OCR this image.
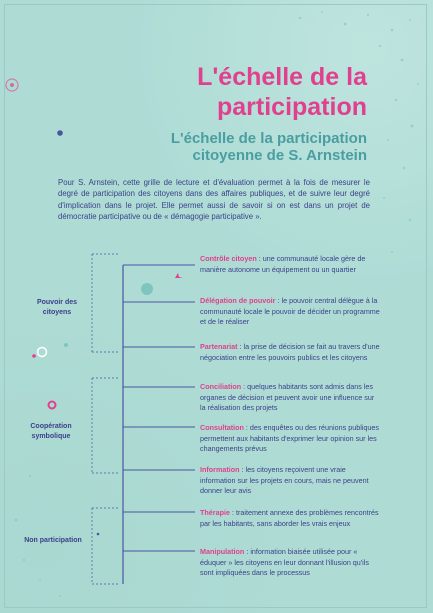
L'échelle de la participation
L'échelle de la participation citoyenne de S. Arnstein
Pour S. Arnstein, cette grille de lecture et d'évaluation permet à la fois de mesurer le degré de participation des citoyens dans des affaires publiques, et de suivre leur degré d'implication dans le projet. Elle permet aussi de savoir si on est dans un projet de démocratie participative ou de « démagogie participative ».
Pouvoir des citoyens
Coopération symbolique
Non participation
Contrôle citoyen : une communauté locale gère de manière autonome un équipement ou un quartier
Délégation de pouvoir : le pouvoir central délègue à la communauté locale le pouvoir de décider un programme et de le réaliser
Partenariat : la prise de décision se fait au travers d'une négociation entre les pouvoirs publics et les citoyens
Conciliation : quelques habitants sont admis dans les organes de décision et peuvent avoir une influence sur la réalisation des projets
Consultation : des enquêtes ou des réunions publiques permettent aux habitants d'exprimer leur opinion sur les changements prévus
Information : les citoyens reçoivent une vraie information sur les projets en cours, mais ne peuvent donner leur avis
Thérapie : traitement annexe des problèmes rencontrés par les habitants, sans aborder les vrais enjeux
Manipulation : information biaisée utilisée pour « éduquer » les citoyens en leur donnant l'illusion qu'ils sont impliquées dans le processus
